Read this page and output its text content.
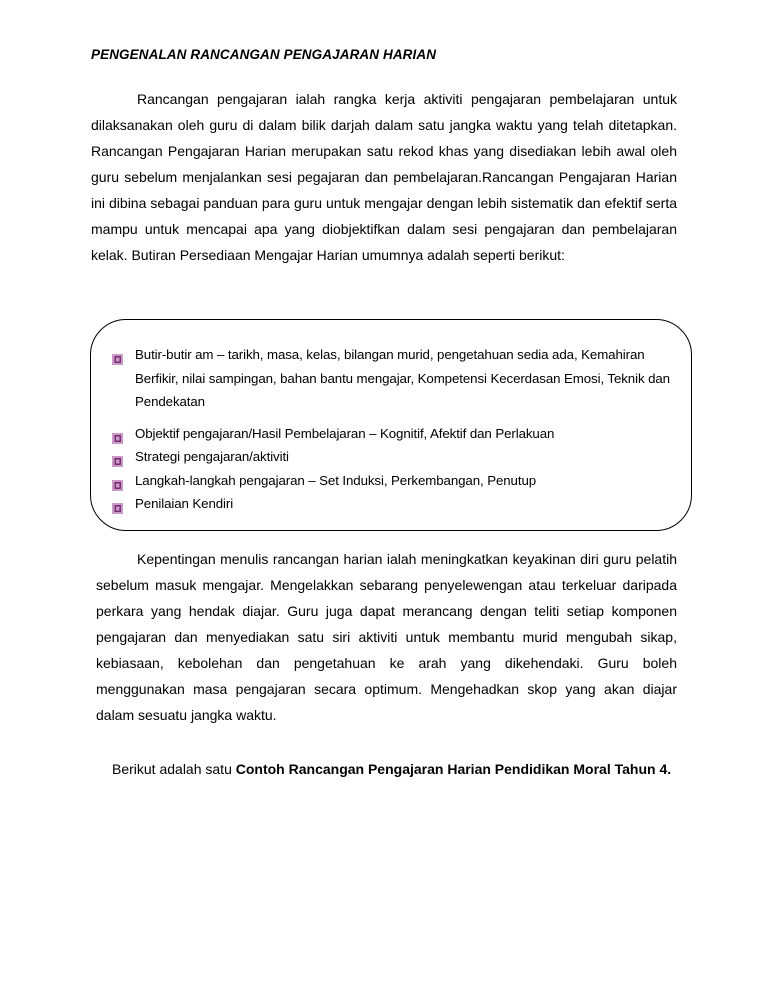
PENGENALAN RANCANGAN PENGAJARAN HARIAN

Rancangan pengajaran ialah rangka kerja aktiviti pengajaran pembelajaran untuk dilaksanakan oleh guru di dalam bilik darjah dalam satu jangka waktu yang telah ditetapkan. Rancangan Pengajaran Harian merupakan satu rekod khas yang disediakan lebih awal oleh guru sebelum menjalankan sesi pegajaran dan pembelajaran.Rancangan Pengajaran Harian ini dibina sebagai panduan para guru untuk mengajar dengan lebih sistematik dan efektif serta mampu untuk mencapai apa yang diobjektifkan dalam sesi pengajaran dan pembelajaran kelak. Butiran Persediaan Mengajar Harian umumnya adalah seperti berikut:

Butir-butir am – tarikh, masa, kelas, bilangan murid, pengetahuan sedia ada, Kemahiran Berfikir, nilai sampingan, bahan bantu mengajar, Kompetensi Kecerdasan Emosi, Teknik dan Pendekatan
Objektif pengajaran/Hasil Pembelajaran – Kognitif, Afektif dan Perlakuan
Strategi pengajaran/aktiviti
Langkah-langkah pengajaran – Set Induksi, Perkembangan, Penutup
Penilaian Kendiri

Kepentingan menulis rancangan harian ialah meningkatkan keyakinan diri guru pelatih sebelum masuk mengajar. Mengelakkan sebarang penyelewengan atau terkeluar daripada perkara yang hendak diajar. Guru juga dapat merancang dengan teliti setiap komponen pengajaran dan menyediakan satu siri aktiviti untuk membantu murid mengubah sikap, kebiasaan, kebolehan dan pengetahuan ke arah yang dikehendaki. Guru boleh menggunakan masa pengajaran secara optimum. Mengehadkan skop yang akan diajar dalam sesuatu jangka waktu.

Berikut adalah satu Contoh Rancangan Pengajaran Harian Pendidikan Moral Tahun 4.
